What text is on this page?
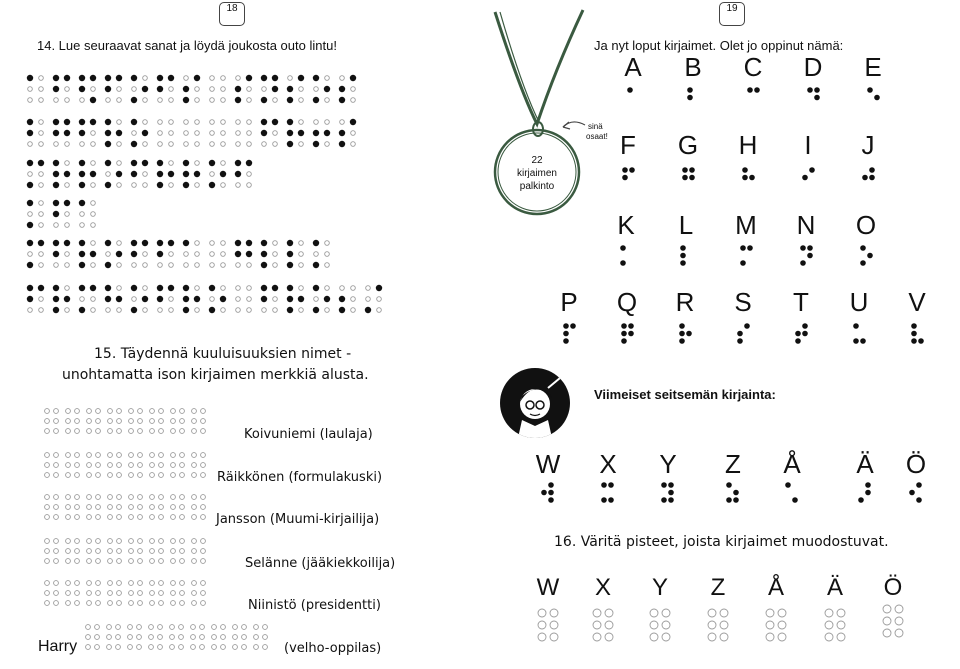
18	19
14. Lue seuraavat sanat ja löydä joukosta outo lintu!
15. Täydennä kuuluisuuksien nimet -
unohtamatta ison kirjaimen merkkiä alusta.
Koivuniemi (laulaja)
Räikkönen (formulakuski)
Jansson (Muumi-kirjailija)
Selänne (jääkiekkoilija)
Niinistö (presidentti)
(velho-oppilas)
Harry
22
kirjaimen
palkinto
sinä
osaat!
Ja nyt loput kirjaimet. Olet jo oppinut nämä:
Viimeiset seitsemän kirjainta:
16. Väritä pisteet, joista kirjaimet muodostuvat.
A	B	C	D	E
F	G	H	I	J
K	L	M	N	O
P	Q	R	S	T	U	V
W	X	Y	Z	Å	Ä	Ö
W	X	Y	Z	Å	Ä	Ö
